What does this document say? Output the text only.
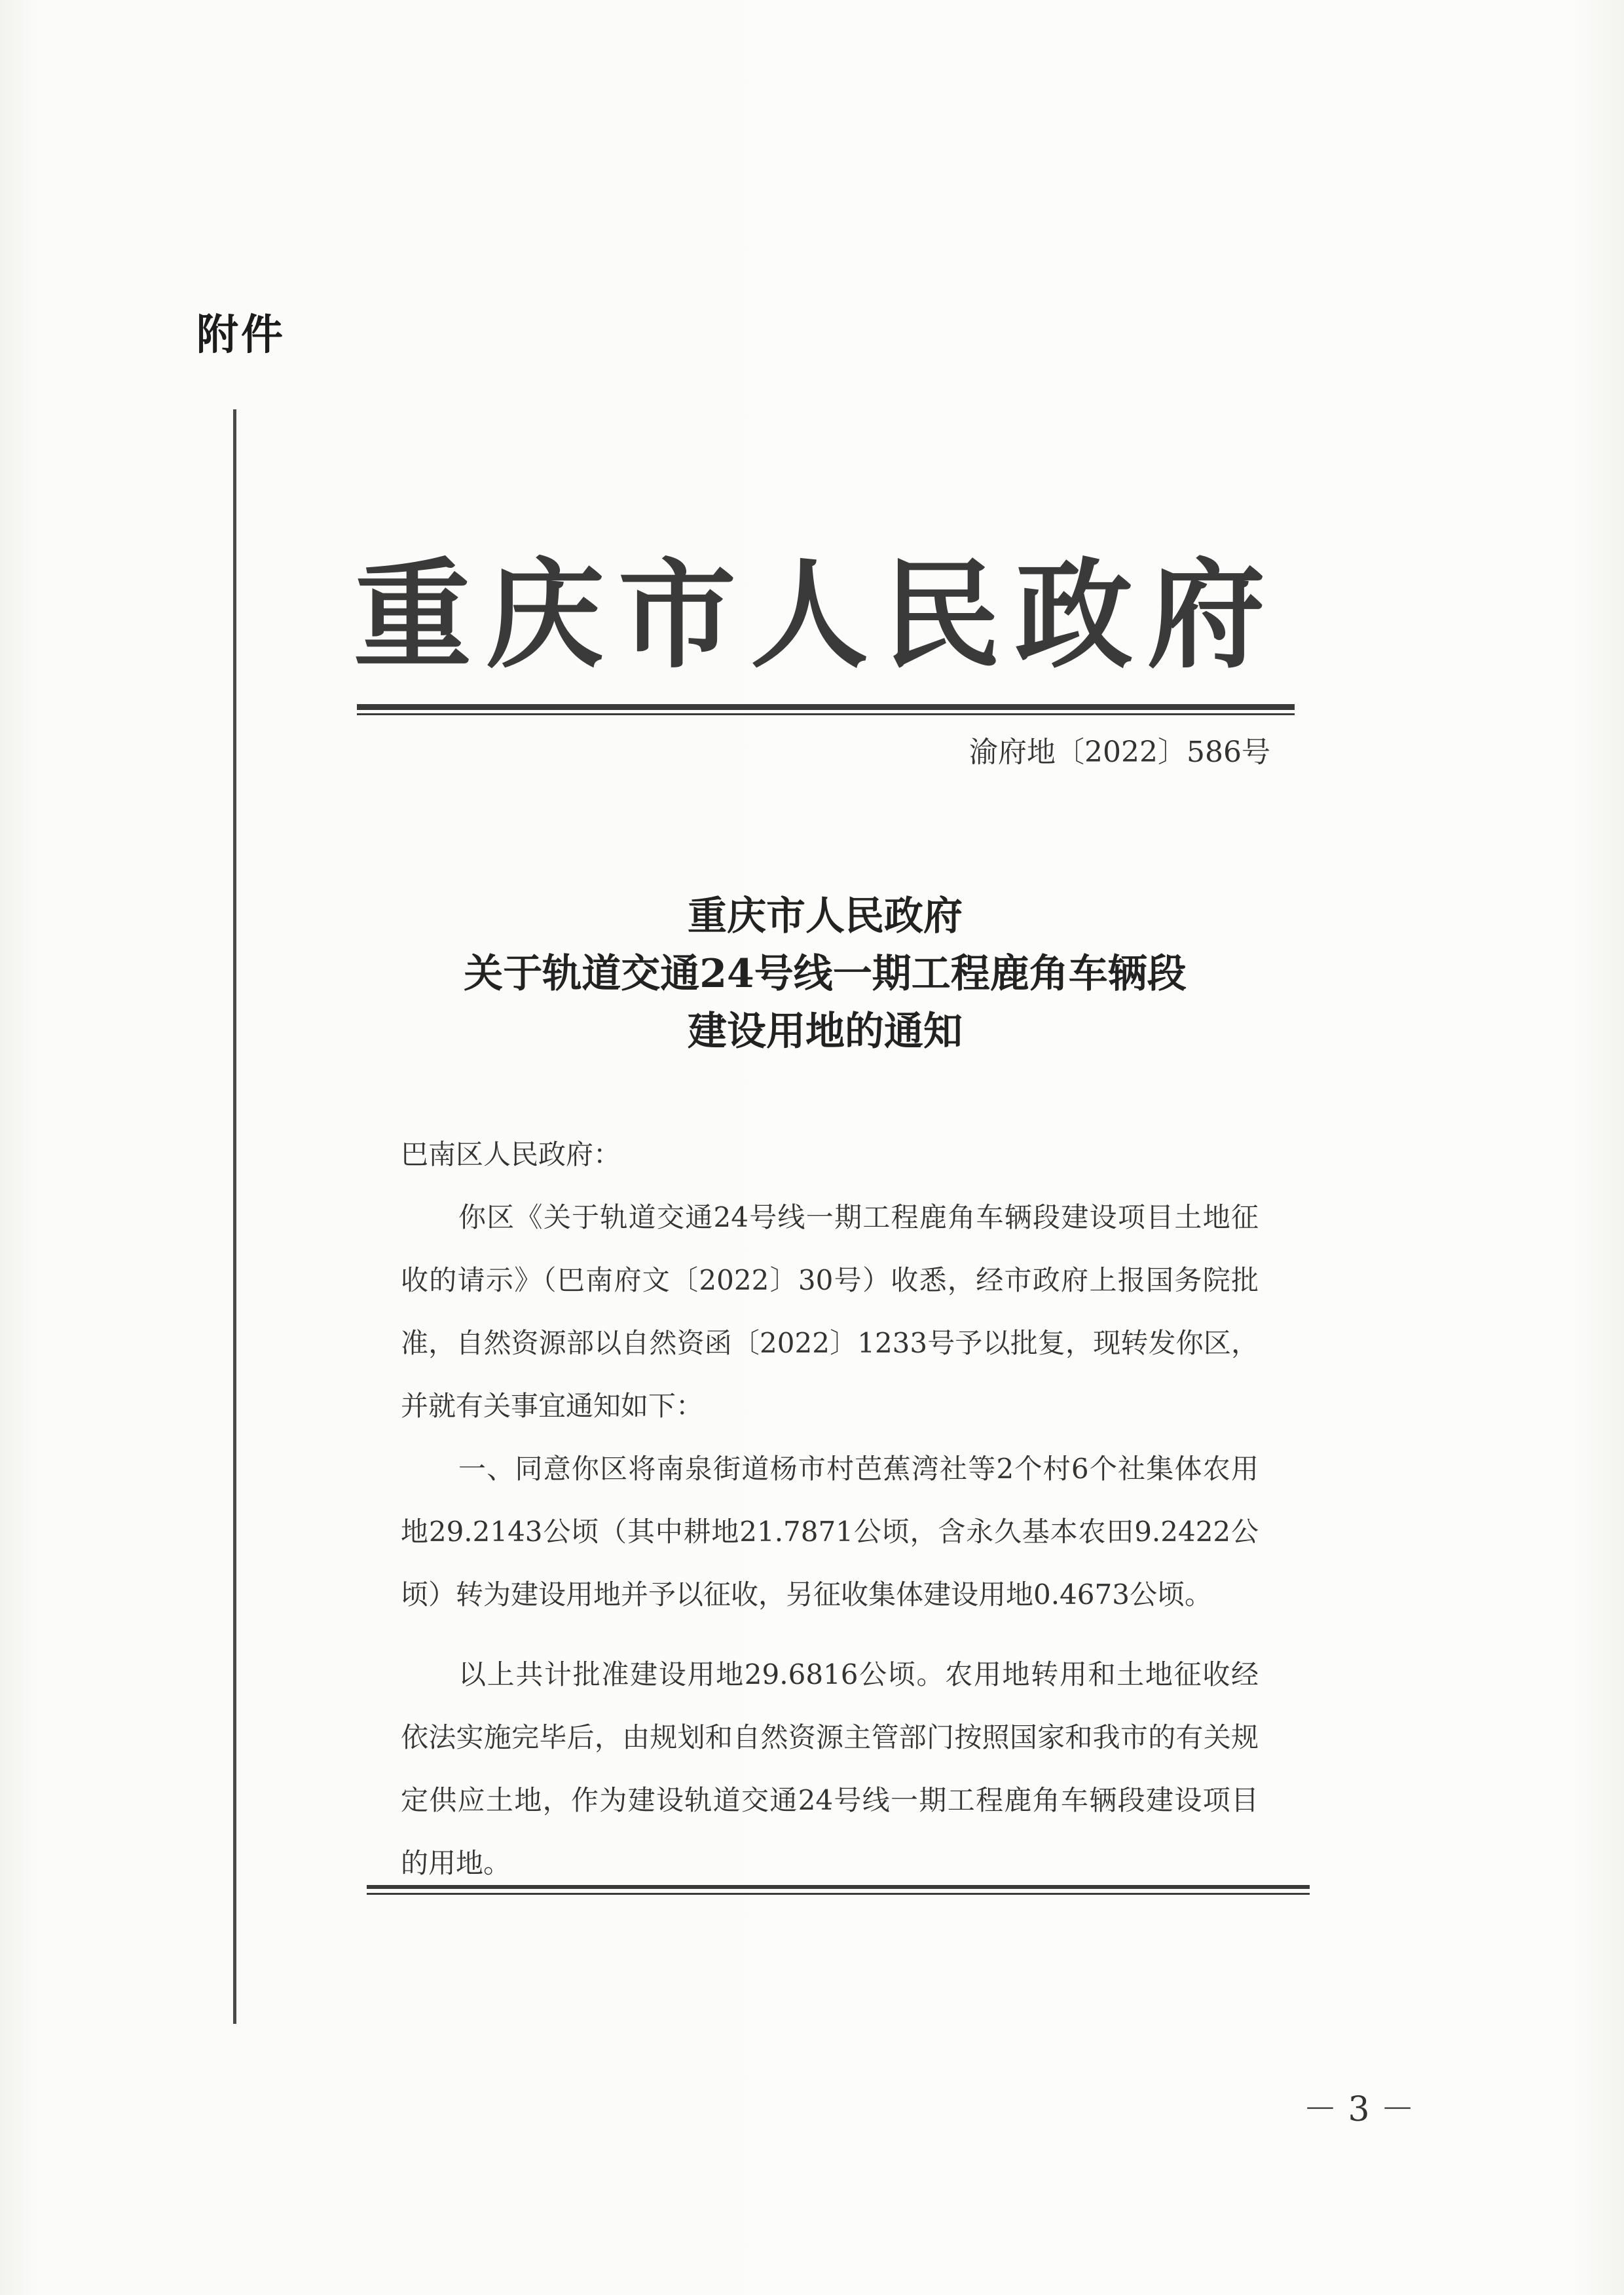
附件
重庆市人民政府
渝府地〔2022〕586号
重庆市人民政府
关于轨道交通24号线一期工程鹿角车辆段
建设用地的通知
巴南区人民政府：

你区《关于轨道交通24号线一期工程鹿角车辆段建设项目土地征收的请示》（巴南府文〔2022〕30号）收悉，经市政府上报国务院批准，自然资源部以自然资函〔2022〕1233号予以批复，现转发你区，并就有关事宜通知如下：

一、同意你区将南泉街道杨市村芭蕉湾社等2个村6个社集体农用地29.2143公顷（其中耕地21.7871公顷，含永久基本农田9.2422公顷）转为建设用地并予以征收，另征收集体建设用地0.4673公顷。

以上共计批准建设用地29.6816公顷。农用地转用和土地征收经依法实施完毕后，由规划和自然资源主管部门按照国家和我市的有关规定供应土地，作为建设轨道交通24号线一期工程鹿角车辆段建设项目的用地。

－ 3 －
